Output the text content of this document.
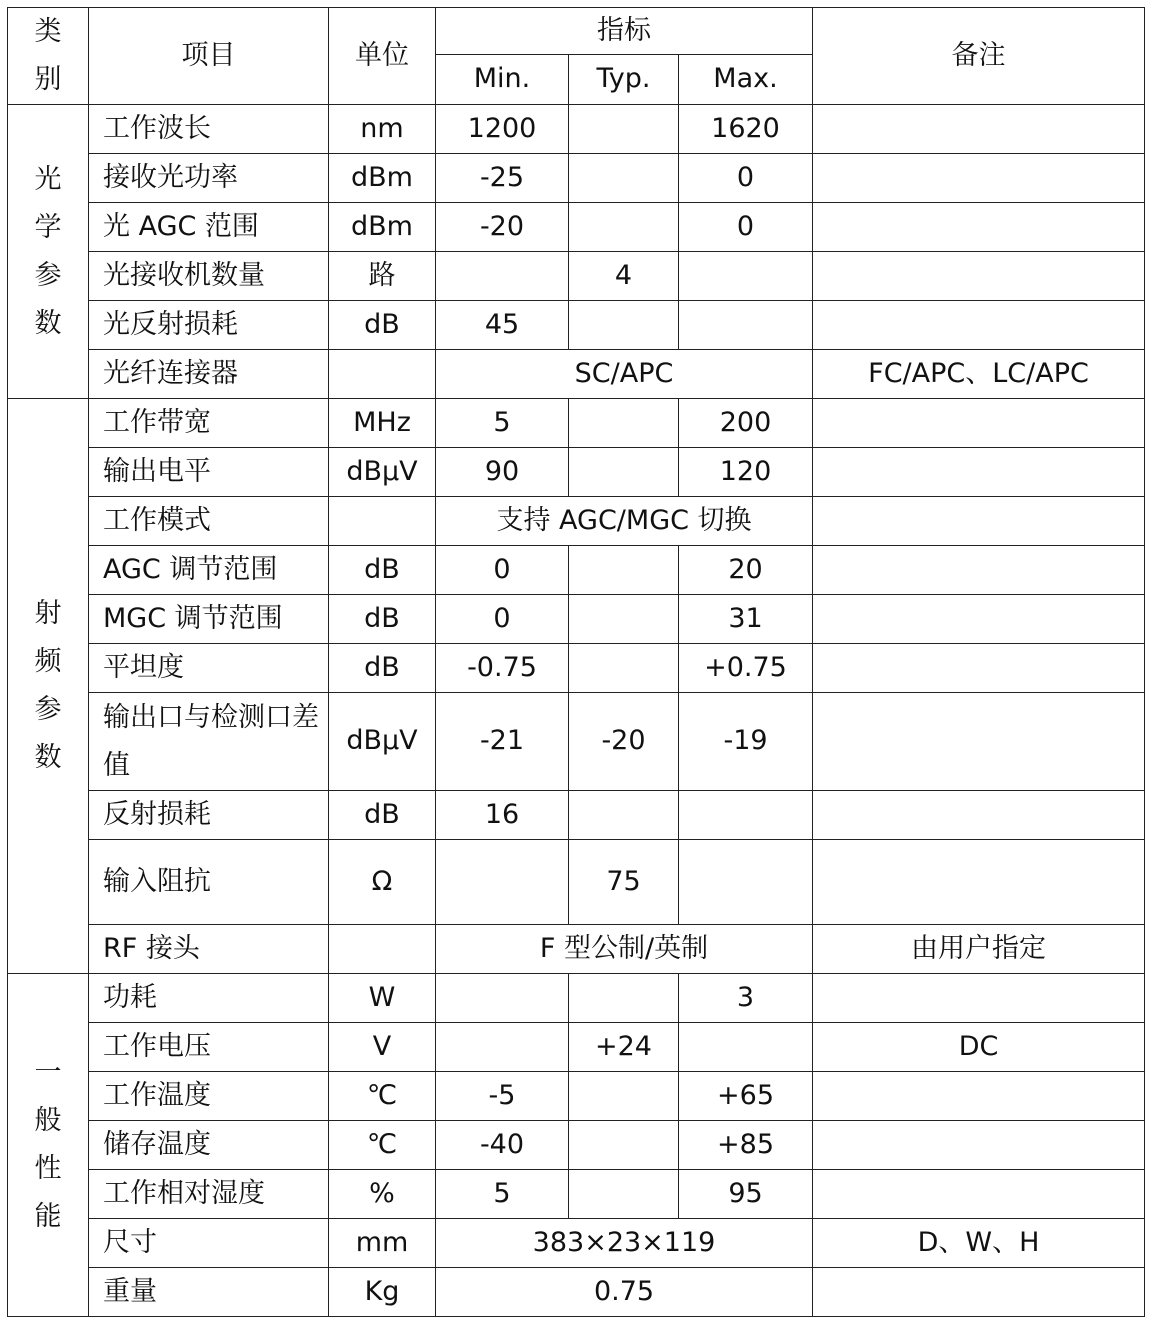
类别	项目	单位	指标			备注
			Min.	Typ.	Max.	
光学参数	工作波长	nm	1200		1620	
	接收光功率	dBm	-25		0	
	光 AGC 范围	dBm	-20		0	
	光接收机数量	路		4		
	光反射损耗	dB	45			
	光纤连接器		SC/APC			FC/APC、LC/APC
射频参数	工作带宽	MHz	5		200	
	输出电平	dBμV	90		120	
	工作模式		支持 AGC/MGC 切换			
	AGC 调节范围	dB	0		20	
	MGC 调节范围	dB	0		31	
	平坦度	dB	-0.75		+0.75	
	输出口与检测口差值	dBμV	-21	-20	-19	
	反射损耗	dB	16			
	输入阻抗	Ω		75		
	RF 接头		F 型公制/英制			由用户指定
一般性能	功耗	W			3	
	工作电压	V		+24		DC
	工作温度	℃	-5		+65	
	储存温度	℃	-40		+85	
	工作相对湿度	%	5		95	
	尺寸	mm	383×23×119			D、W、H
	重量	Kg	0.75			
